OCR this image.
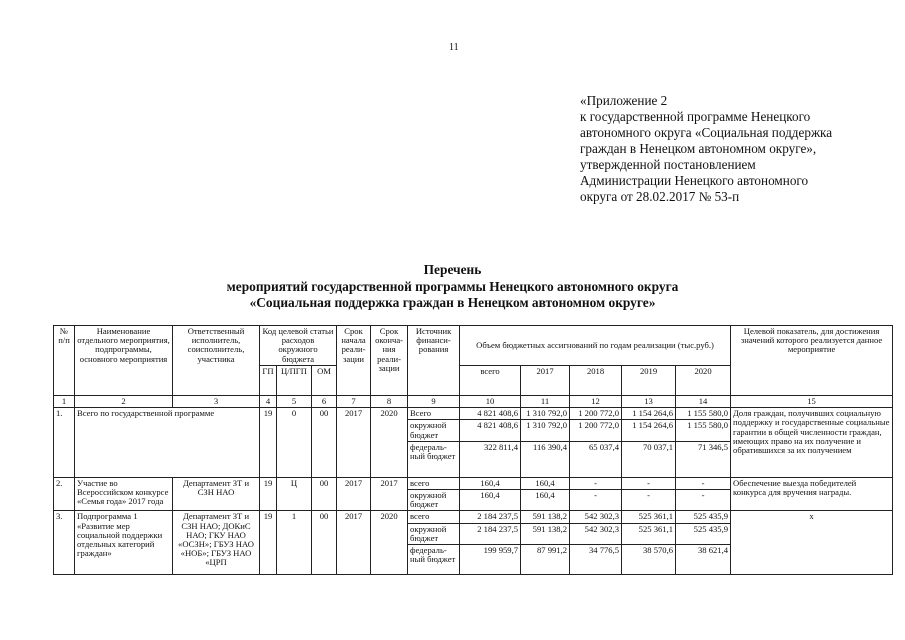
11
«Приложение 2
к государственной программе Ненецкого
автономного округа «Социальная поддержка
граждан в Ненецком автономном округе»,
утвержденной постановлением
Администрации Ненецкого автономного
округа от 28.02.2017 № 53-п
Перечень
мероприятий государственной программы Ненецкого автономного округа
«Социальная поддержка граждан в Ненецком автономном округе»
№ п/п	Наименование отдельного мероприятия, подпрограммы, основного мероприятия	Ответственный исполнитель, соисполнитель, участника	Код целевой статьи расходов окружного бюджета			Срок начала реали-зации	Срок оконча-ния реали-зации	Источник финанси-рования	Объем бюджетных ассигнований по годам реализации (тыс.руб.)					Целевой показатель, для достижения значений которого реализуется данное мероприятие
			ГП	Ц/ПГП	ОМ				всего	2017	2018	2019	2020	
1	2	3	4	5	6	7	8	9	10	11	12	13	14	15
1.	Всего по государственной программе		19	0	00	2017	2020	Всего	4 821 408,6	1 310 792,0	1 200 772,0	1 154 264,6	1 155 580,0	Доля граждан, получивших социальную поддержку и государственные социальные гарантии в общей численности граждан, имеющих право на их получение и обратившихся за их получением
								окружной бюджет	4 821 408,6	1 310 792,0	1 200 772,0	1 154 264,6	1 155 580,0	
								федераль-ный бюджет	322 811,4	116 390,4	65 037,4	70 037,1	71 346,5	
2.	Участие во Всероссийском конкурсе «Семья года» 2017 года	Департамент ЗТ и СЗН НАО	19	Ц	00	2017	2017	всего	160,4	160,4	-	-	-	Обеспечение выезда победителей конкурса для вручения награды.
								окружной бюджет	160,4	160,4	-	-	-	
3.	Подпрограмма 1 «Развитие мер социальной поддержки отдельных категорий граждан»	Департамент ЗТ и СЗН НАО; ДОКиС НАО; ГКУ НАО «ОСЗН»; ГБУЗ НАО «НОБ»; ГБУЗ НАО «ЦРП	19	1	00	2017	2020	всего	2 184 237,5	591 138,2	542 302,3	525 361,1	525 435,9	х
								окружной бюджет	2 184 237,5	591 138,2	542 302,3	525 361,1	525 435,9	
								федераль-ный бюджет	199 959,7	87 991,2	34 776,5	38 570,6	38 621,4	
